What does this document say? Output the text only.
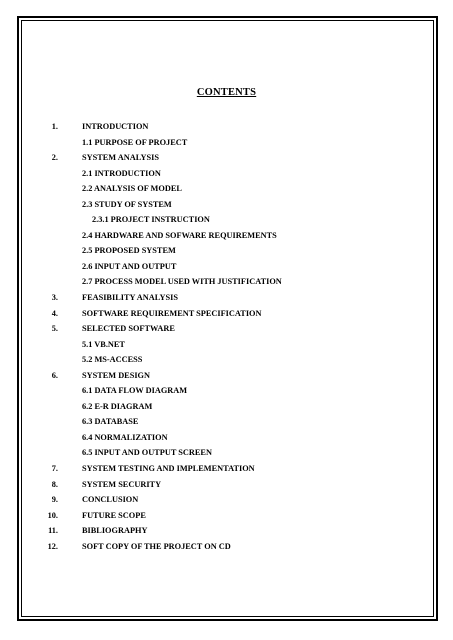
CONTENTS
1.	INTRODUCTION
1.1 PURPOSE OF PROJECT
2.	SYSTEM ANALYSIS
2.1 INTRODUCTION
2.2 ANALYSIS OF MODEL
2.3 STUDY OF SYSTEM
2.3.1 PROJECT INSTRUCTION
2.4 HARDWARE AND SOFWARE REQUIREMENTS
2.5 PROPOSED SYSTEM
2.6 INPUT AND OUTPUT
2.7 PROCESS MODEL USED WITH JUSTIFICATION
3.	FEASIBILITY ANALYSIS
4.	SOFTWARE REQUIREMENT SPECIFICATION
5.	SELECTED SOFTWARE
5.1 VB.NET
5.2 MS-ACCESS
6.	SYSTEM DESIGN
6.1 DATA FLOW DIAGRAM
6.2 E-R DIAGRAM
6.3 DATABASE
6.4 NORMALIZATION
6.5 INPUT AND OUTPUT SCREEN
7.	SYSTEM TESTING AND IMPLEMENTATION
8.	SYSTEM SECURITY
9.	CONCLUSION
10.	FUTURE SCOPE
11.	BIBLIOGRAPHY
12.	SOFT COPY OF THE PROJECT ON CD
